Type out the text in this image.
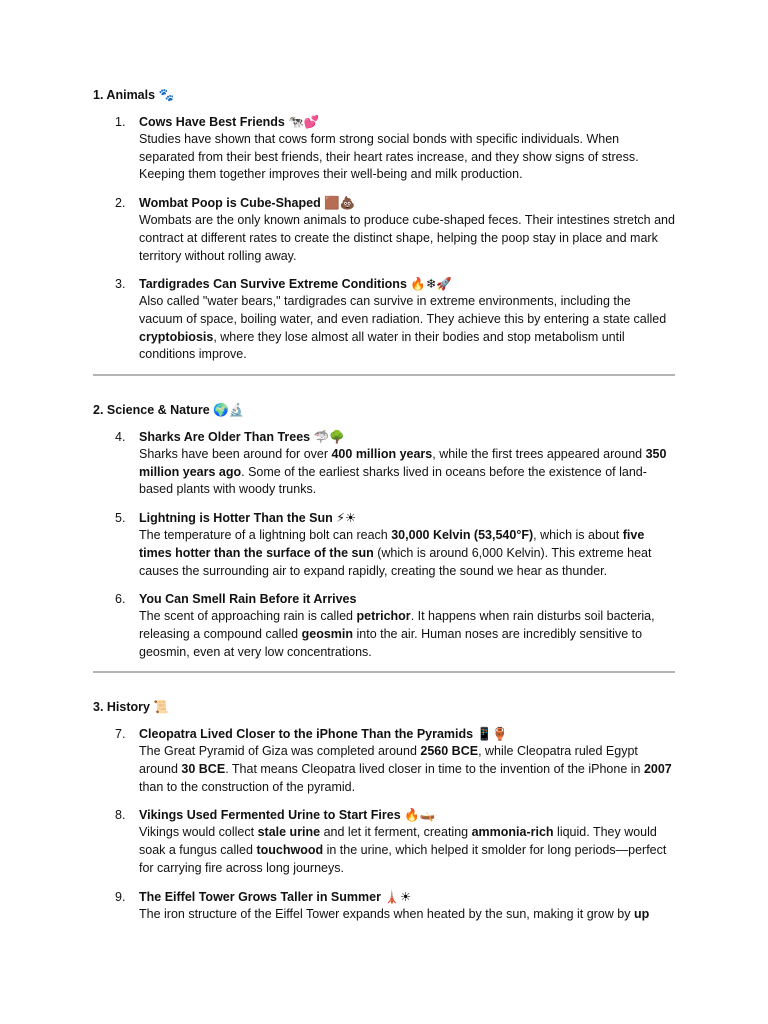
1. Animals 🐾
1. Cows Have Best Friends 🐄💕
Studies have shown that cows form strong social bonds with specific individuals. When separated from their best friends, their heart rates increase, and they show signs of stress. Keeping them together improves their well-being and milk production.
2. Wombat Poop is Cube-Shaped 🟫💩
Wombats are the only known animals to produce cube-shaped feces. Their intestines stretch and contract at different rates to create the distinct shape, helping the poop stay in place and mark territory without rolling away.
3. Tardigrades Can Survive Extreme Conditions 🔥❄🚀
Also called "water bears," tardigrades can survive in extreme environments, including the vacuum of space, boiling water, and even radiation. They achieve this by entering a state called cryptobiosis, where they lose almost all water in their bodies and stop metabolism until conditions improve.
2. Science & Nature 🌍🔬
4. Sharks Are Older Than Trees 🦈🌳
Sharks have been around for over 400 million years, while the first trees appeared around 350 million years ago. Some of the earliest sharks lived in oceans before the existence of land-based plants with woody trunks.
5. Lightning is Hotter Than the Sun ⚡☀
The temperature of a lightning bolt can reach 30,000 Kelvin (53,540°F), which is about five times hotter than the surface of the sun (which is around 6,000 Kelvin). This extreme heat causes the surrounding air to expand rapidly, creating the sound we hear as thunder.
6. You Can Smell Rain Before it Arrives
The scent of approaching rain is called petrichor. It happens when rain disturbs soil bacteria, releasing a compound called geosmin into the air. Human noses are incredibly sensitive to geosmin, even at very low concentrations.
3. History 📜
7. Cleopatra Lived Closer to the iPhone Than the Pyramids 📱🏺
The Great Pyramid of Giza was completed around 2560 BCE, while Cleopatra ruled Egypt around 30 BCE. That means Cleopatra lived closer in time to the invention of the iPhone in 2007 than to the construction of the pyramid.
8. Vikings Used Fermented Urine to Start Fires 🔥🛶
Vikings would collect stale urine and let it ferment, creating ammonia-rich liquid. They would soak a fungus called touchwood in the urine, which helped it smolder for long periods—perfect for carrying fire across long journeys.
9. The Eiffel Tower Grows Taller in Summer 🗼☀
The iron structure of the Eiffel Tower expands when heated by the sun, making it grow by up
